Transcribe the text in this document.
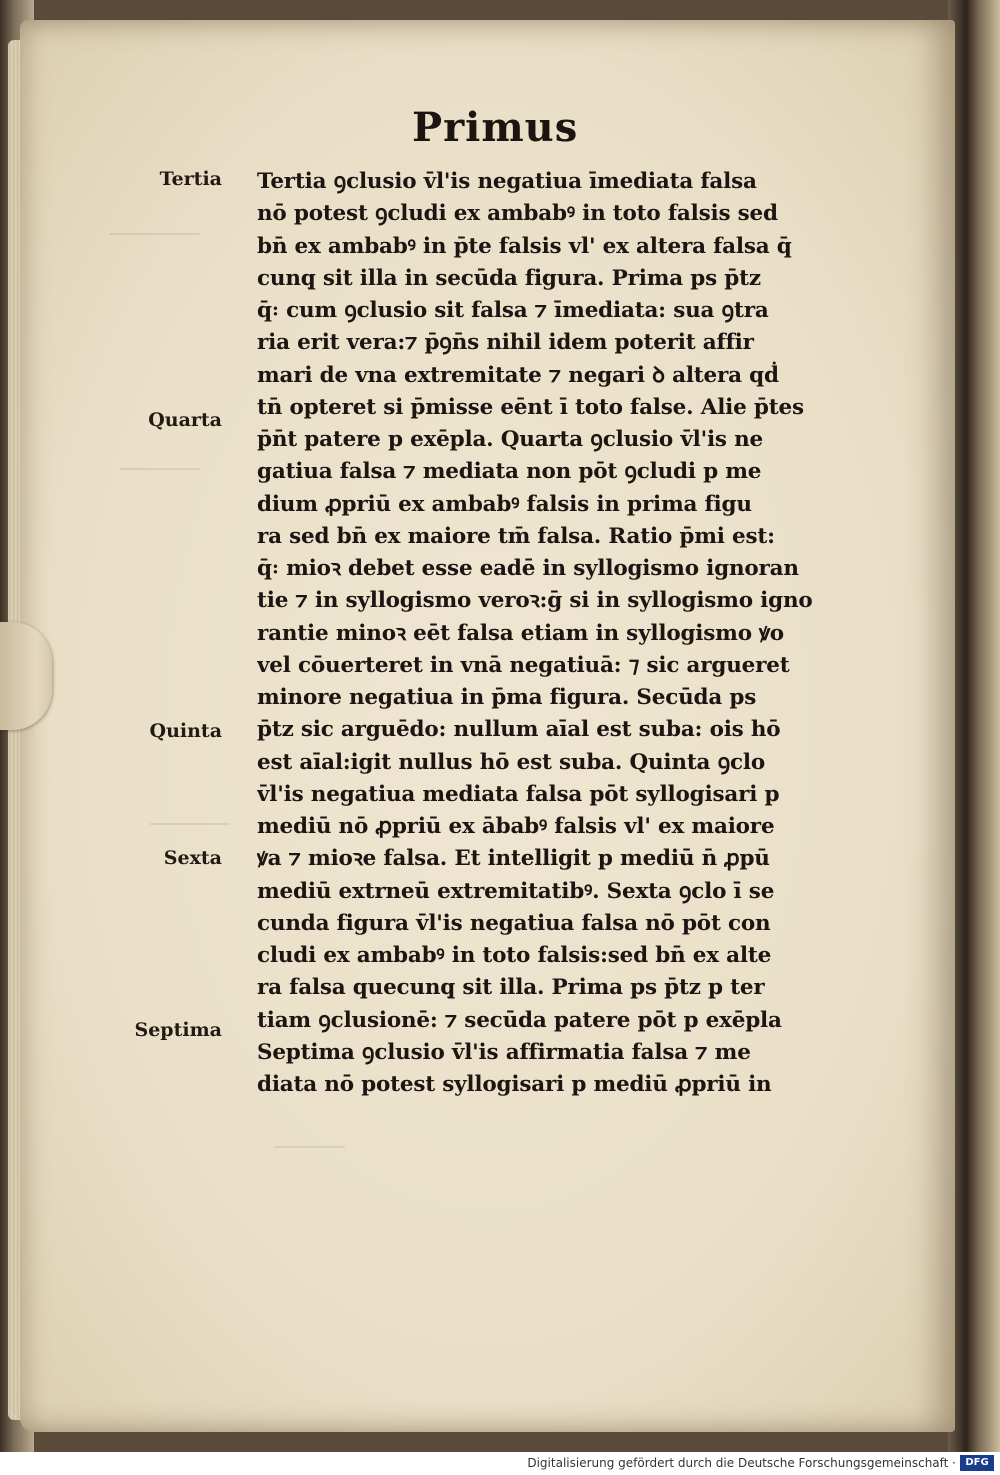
Primus
Tertia
Quarta
Quinta
Sexta
Septima
Tertia ꝯclusio v̄l'is negatiua īmediata falsa
nō potest ꝯcludi ex ambabꝰ in toto falsis sed
bn̄ ex ambabꝰ in p̄te falsis vl' ex altera falsa q̄
cunq̧ sit illa in secūda figura. Prima ps p̄tz
q̄꞉ cum ꝯclusio sit falsa ⁊ īmediata: sua ꝯtra
ria erit vera:⁊ p̄ꝯn̄s nihil idem poterit affir
mari de vna extremitate ⁊ negari ꝺ altera qḋ
tn̄ opteret si p̄misse eēnt ī toto false. Alie p̄tes
p̄n̄t patere p exēpla. Quarta ꝯclusio v̄l'is ne
gatiua falsa ⁊ mediata non pōt ꝯcludi p me
dium ꝓpriū ex ambabꝰ falsis in prima figu
ra sed bn̄ ex maiore tm̄ falsa. Ratio p̄mi est:
q̄꞉ mioꝛ debet esse eadē in syllogismo ignoran
tie ⁊ in syllogismo veroꝛ:ḡ si in syllogismo igno
rantie minoꝛ eēt falsa etiam in syllogismo ꝟo
vel cōuerteret in vnā negatiuā: ⁊ sic argueret
minore negatiua in p̄ma figura. Secūda ps
p̄tz sic arguēdo: nullum aīal est suba: ois hō
est aīal:igit nullus hō est suba. Quinta ꝯclo
v̄l'is negatiua mediata falsa pōt syllogisari p
mediū nō ꝓpriū ex ābabꝰ falsis vl' ex maiore
ꝟa ⁊ mioꝛe falsa. Et intelligit p mediū n̄ ꝓpū
mediū extrneū extremitatibꝰ. Sexta ꝯclo ī se
cunda figura v̄l'is negatiua falsa nō pōt con
cludi ex ambabꝰ in toto falsis:sed bn̄ ex alte
ra falsa quecunq̧ sit illa. Prima ps p̄tz p ter
tiam ꝯclusionē: ⁊ secūda patere pōt p exēpla
Septima ꝯclusio v̄l'is affirmatia falsa ⁊ me
diata nō potest syllogisari p mediū ꝓpriū in
Digitalisierung gefördert durch die Deutsche Forschungsgemeinschaft · DFG
